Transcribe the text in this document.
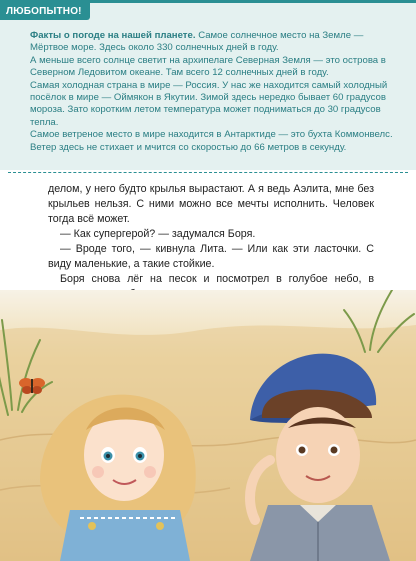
ЛЮБОПЫТНО!

Факты о погоде на нашей планете. Самое солнечное место на Земле — Мёртвое море. Здесь около 330 солнечных дней в году.

А меньше всего солнце светит на архипелаге Северная Земля — это острова в Северном Ледовитом океане. Там всего 12 солнечных дней в году.

Самая холодная страна в мире — Россия. У нас же находится самый холодный посёлок в мире — Оймякон в Якутии. Зимой здесь нередко бывает 60 градусов мороза. Зато коротким летом температура может подниматься до 30 градусов тепла.

Самое ветреное место в мире находится в Антарктиде — это бухта Коммонвелс. Ветер здесь не стихает и мчится со скоростью до 66 метров в секунду.

делом, у него будто крылья вырастают. А я ведь Аэлита, мне без крыльев нельзя. С ними можно все мечты исполнить. Человек тогда всё может.

— Как супергерой? — задумался Боря.

— Вроде того, — кивнула Лита. — Или как эти ласточки. С виду маленькие, а такие стойкие.

Боря снова лёг на песок и посмотрел в голубое небо, в
